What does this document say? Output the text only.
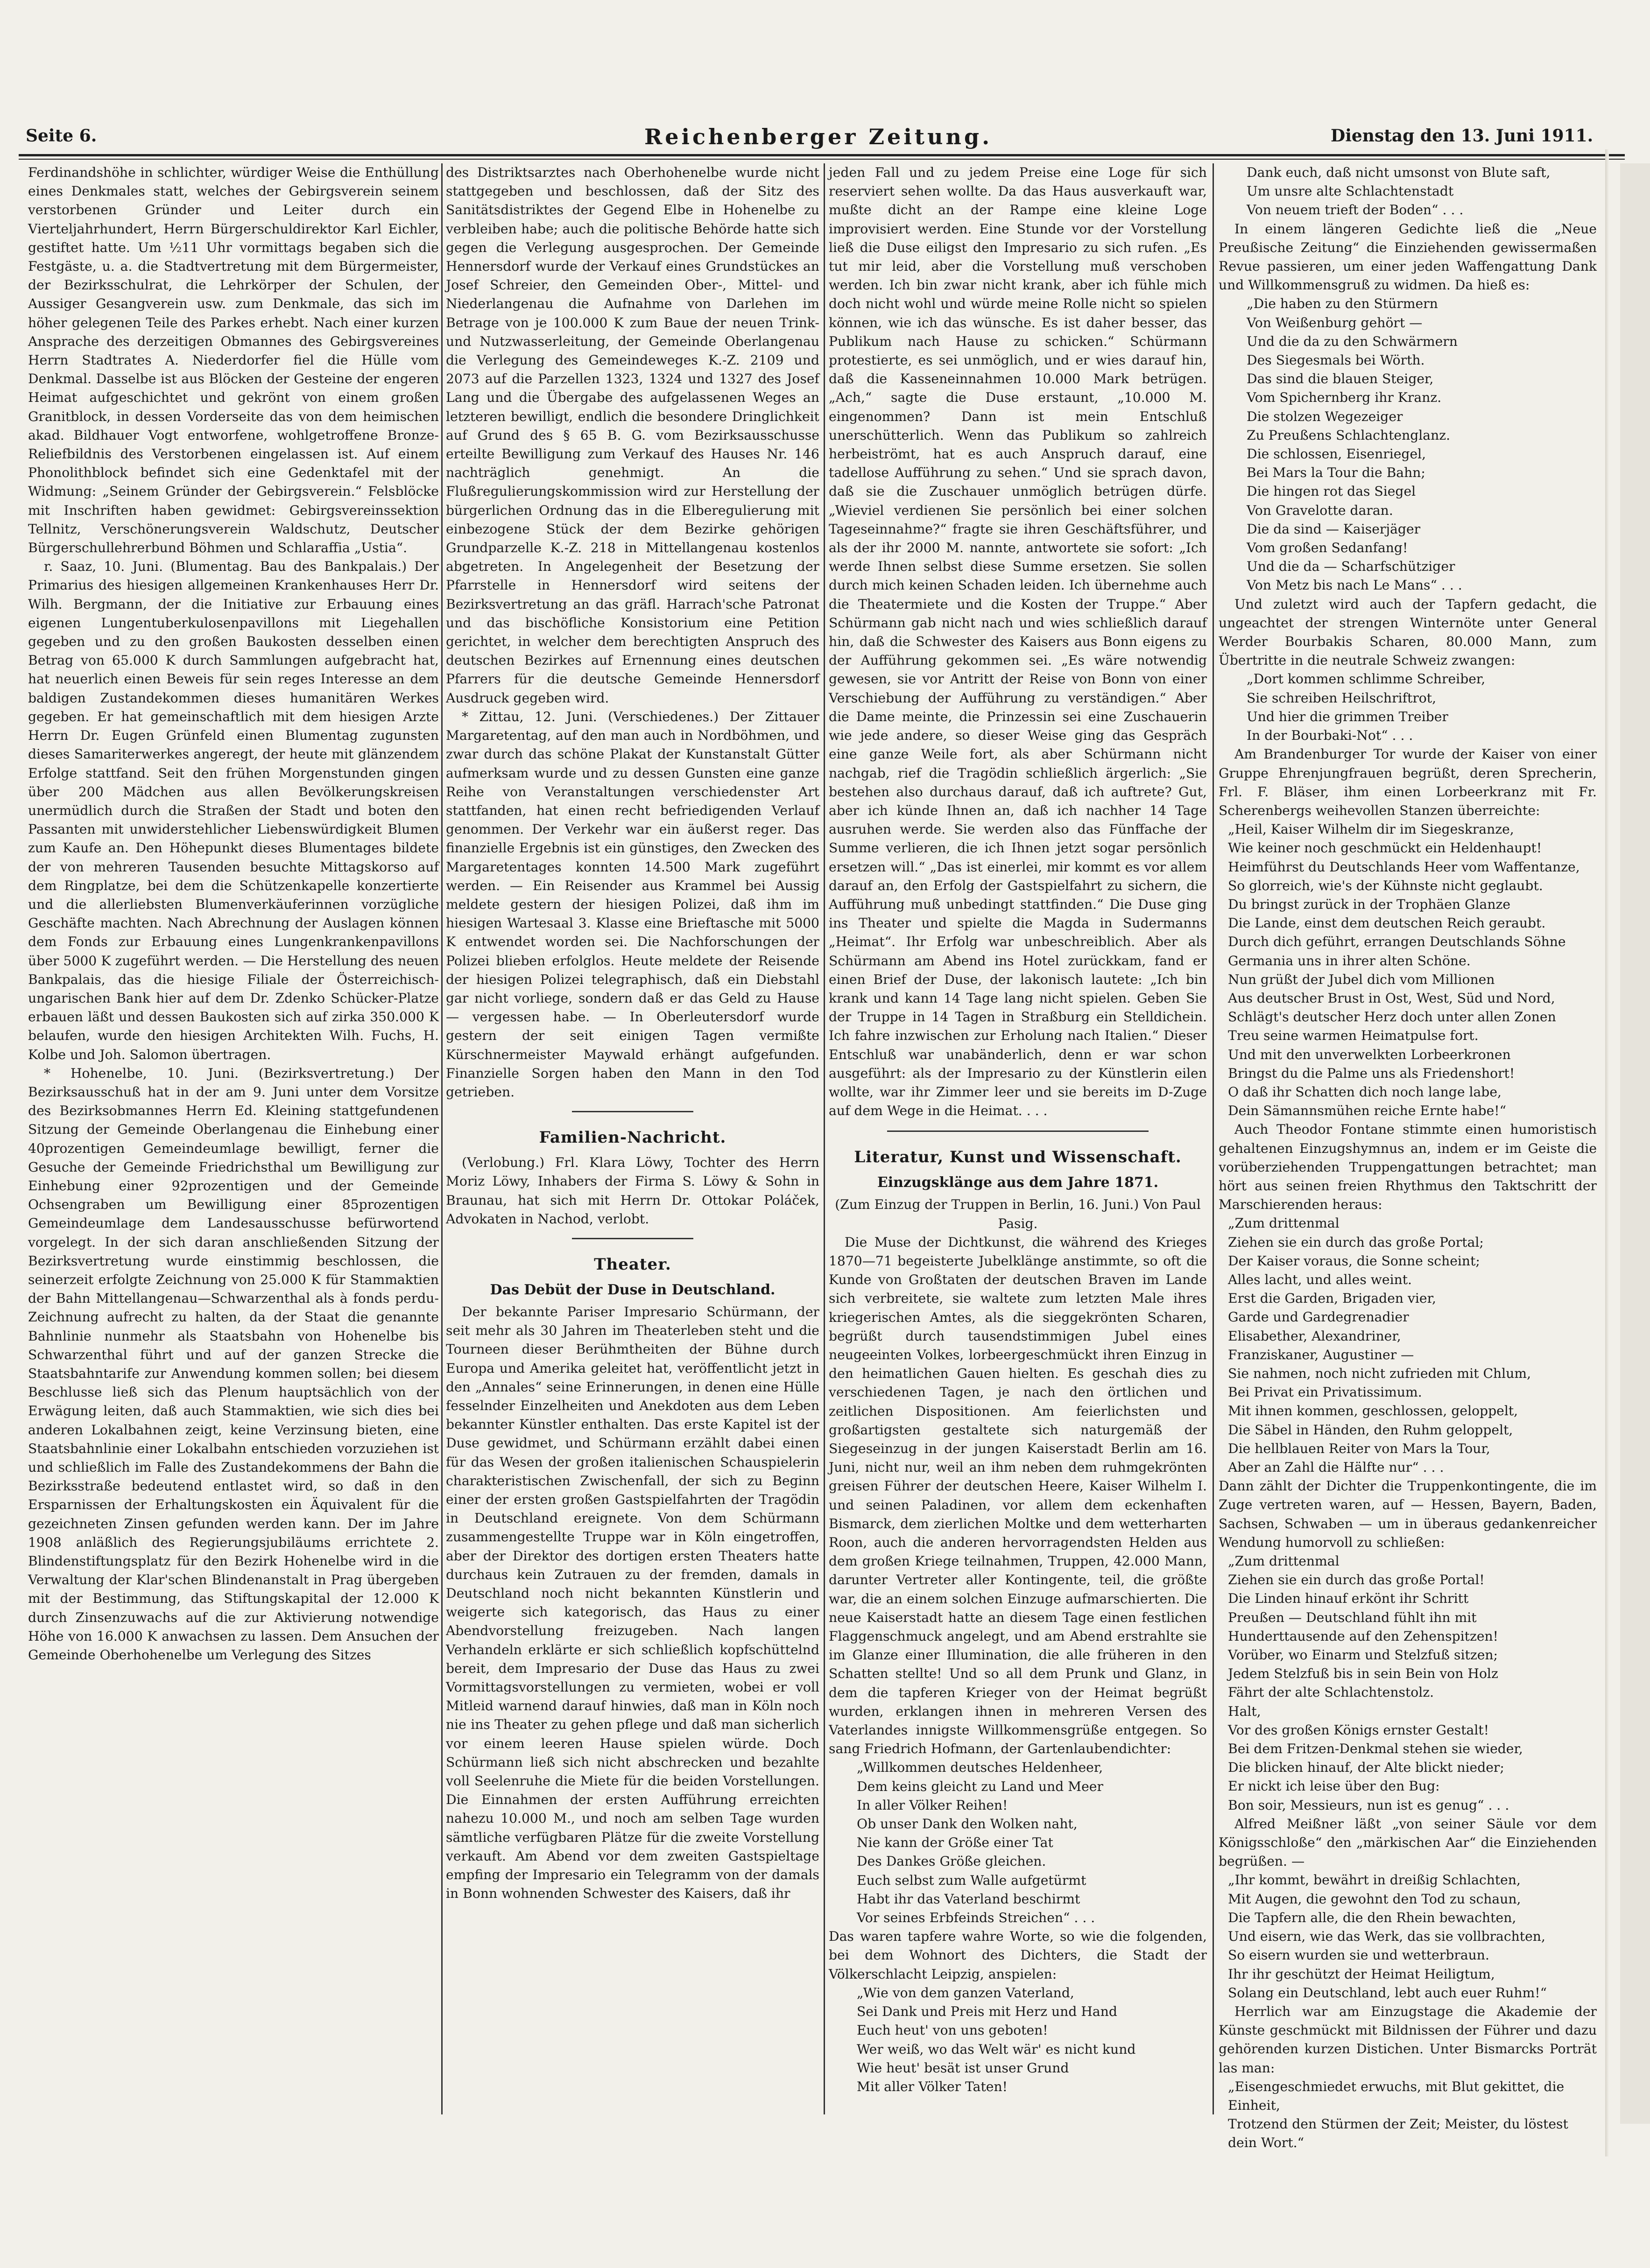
Seite 6.	Reichenberger Zeitung.	Dienstag den 13. Juni 1911.

Ferdinandshöhe in schlichter, würdiger Weise die Enthüllung eines Denkmales statt, welches der Gebirgsverein seinem verstorbenen Gründer und Leiter durch ein Vierteljahrhundert, Herrn Bürgerschuldirektor Karl Eichler, gestiftet hatte. Um ½11 Uhr vormittags begaben sich die Festgäste, u. a. die Stadtvertretung mit dem Bürgermeister, der Bezirksschulrat, die Lehrkörper der Schulen, der Aussiger Gesangverein usw. zum Denkmale, das sich im höher gelegenen Teile des Parkes erhebt. Nach einer kurzen Ansprache des derzeitigen Obmannes des Gebirgsvereines Herrn Stadtrates A. Niederdorfer fiel die Hülle vom Denkmal. Dasselbe ist aus Blöcken der Gesteine der engeren Heimat aufgeschichtet und gekrönt von einem großen Granitblock, in dessen Vorderseite das von dem heimischen akad. Bildhauer Vogt entworfene, wohlgetroffene Bronze-Reliefbildnis des Verstorbenen eingelassen ist. Auf einem Phonolithblock befindet sich eine Gedenktafel mit der Widmung: „Seinem Gründer der Gebirgsverein.“ Felsblöcke mit Inschriften haben gewidmet: Gebirgsvereinssektion Tellnitz, Verschönerungsverein Waldschutz, Deutscher Bürgerschullehrerbund Böhmen und Schlaraffia „Ustia“.

r. Saaz, 10. Juni. (Blumentag. Bau des Bankpalais.) Der Primarius des hiesigen allgemeinen Krankenhauses Herr Dr. Wilh. Bergmann, der die Initiative zur Erbauung eines eigenen Lungentuberkulosenpavillons mit Liegehallen gegeben und zu den großen Baukosten desselben einen Betrag von 65.000 K durch Sammlungen aufgebracht hat, hat neuerlich einen Beweis für sein reges Interesse an dem baldigen Zustandekommen dieses humanitären Werkes gegeben. Er hat gemeinschaftlich mit dem hiesigen Arzte Herrn Dr. Eugen Grünfeld einen Blumentag zugunsten dieses Samariterwerkes angeregt, der heute mit glänzendem Erfolge stattfand. Seit den frühen Morgenstunden gingen über 200 Mädchen aus allen Bevölkerungskreisen unermüdlich durch die Straßen der Stadt und boten den Passanten mit unwiderstehlicher Liebenswürdigkeit Blumen zum Kaufe an. Den Höhepunkt dieses Blumentages bildete der von mehreren Tausenden besuchte Mittagskorso auf dem Ringplatze, bei dem die Schützenkapelle konzertierte und die allerliebsten Blumenverkäuferinnen vorzügliche Geschäfte machten. Nach Abrechnung der Auslagen können dem Fonds zur Erbauung eines Lungenkrankenpavillons über 5000 K zugeführt werden. — Die Herstellung des neuen Bankpalais, das die hiesige Filiale der Österreichisch-ungarischen Bank hier auf dem Dr. Zdenko Schücker-Platze erbauen läßt und dessen Baukosten sich auf zirka 350.000 K belaufen, wurde den hiesigen Architekten Wilh. Fuchs, H. Kolbe und Joh. Salomon übertragen.

* Hohenelbe, 10. Juni. (Bezirksvertretung.) Der Bezirksausschuß hat in der am 9. Juni unter dem Vorsitze des Bezirksobmannes Herrn Ed. Kleining stattgefundenen Sitzung der Gemeinde Oberlangenau die Einhebung einer 40prozentigen Gemeindeumlage bewilligt, ferner die Gesuche der Gemeinde Friedrichsthal um Bewilligung zur Einhebung einer 92prozentigen und der Gemeinde Ochsengraben um Bewilligung einer 85prozentigen Gemeindeumlage dem Landesausschusse befürwortend vorgelegt. In der sich daran anschließenden Sitzung der Bezirksvertretung wurde einstimmig beschlossen, die seinerzeit erfolgte Zeichnung von 25.000 K für Stammaktien der Bahn Mittellangenau—Schwarzenthal als à fonds perdu-Zeichnung aufrecht zu halten, da der Staat die genannte Bahnlinie nunmehr als Staatsbahn von Hohenelbe bis Schwarzenthal führt und auf der ganzen Strecke die Staatsbahntarife zur Anwendung kommen sollen; bei diesem Beschlusse ließ sich das Plenum hauptsächlich von der Erwägung leiten, daß auch Stammaktien, wie sich dies bei anderen Lokalbahnen zeigt, keine Verzinsung bieten, eine Staatsbahnlinie einer Lokalbahn entschieden vorzuziehen ist und schließlich im Falle des Zustandekommens der Bahn die Bezirksstraße bedeutend entlastet wird, so daß in den Ersparnissen der Erhaltungskosten ein Äquivalent für die gezeichneten Zinsen gefunden werden kann. Der im Jahre 1908 anläßlich des Regierungsjubiläums errichtete 2. Blindenstiftungsplatz für den Bezirk Hohenelbe wird in die Verwaltung der Klar'schen Blindenanstalt in Prag übergeben mit der Bestimmung, das Stiftungskapital der 12.000 K durch Zinsenzuwachs auf die zur Aktivierung notwendige Höhe von 16.000 K anwachsen zu lassen. Dem Ansuchen der Gemeinde Oberhohenelbe um Verlegung des Sitzes

des Distriktsarztes nach Oberhohenelbe wurde nicht stattgegeben und beschlossen, daß der Sitz des Sanitätsdistriktes der Gegend Elbe in Hohenelbe zu verbleiben habe; auch die politische Behörde hatte sich gegen die Verlegung ausgesprochen. Der Gemeinde Hennersdorf wurde der Verkauf eines Grundstückes an Josef Schreier, den Gemeinden Ober-, Mittel- und Niederlangenau die Aufnahme von Darlehen im Betrage von je 100.000 K zum Baue der neuen Trink- und Nutzwasserleitung, der Gemeinde Oberlangenau die Verlegung des Gemeindeweges K.-Z. 2109 und 2073 auf die Parzellen 1323, 1324 und 1327 des Josef Lang und die Übergabe des aufgelassenen Weges an letzteren bewilligt, endlich die besondere Dringlichkeit auf Grund des § 65 B. G. vom Bezirksausschusse erteilte Bewilligung zum Verkauf des Hauses Nr. 146 nachträglich genehmigt. An die Flußregulierungskommission wird zur Herstellung der bürgerlichen Ordnung das in die Elberegulierung mit einbezogene Stück der dem Bezirke gehörigen Grundparzelle K.-Z. 218 in Mittellangenau kostenlos abgetreten. In Angelegenheit der Besetzung der Pfarrstelle in Hennersdorf wird seitens der Bezirksvertretung an das gräfl. Harrach'sche Patronat und das bischöfliche Konsistorium eine Petition gerichtet, in welcher dem berechtigten Anspruch des deutschen Bezirkes auf Ernennung eines deutschen Pfarrers für die deutsche Gemeinde Hennersdorf Ausdruck gegeben wird.

* Zittau, 12. Juni. (Verschiedenes.) Der Zittauer Margaretentag, auf den man auch in Nordböhmen, und zwar durch das schöne Plakat der Kunstanstalt Gütter aufmerksam wurde und zu dessen Gunsten eine ganze Reihe von Veranstaltungen verschiedenster Art stattfanden, hat einen recht befriedigenden Verlauf genommen. Der Verkehr war ein äußerst reger. Das finanzielle Ergebnis ist ein günstiges, den Zwecken des Margaretentages konnten 14.500 Mark zugeführt werden. — Ein Reisender aus Krammel bei Aussig meldete gestern der hiesigen Polizei, daß ihm im hiesigen Wartesaal 3. Klasse eine Brieftasche mit 5000 K entwendet worden sei. Die Nachforschungen der Polizei blieben erfolglos. Heute meldete der Reisende der hiesigen Polizei telegraphisch, daß ein Diebstahl gar nicht vorliege, sondern daß er das Geld zu Hause — vergessen habe. — In Oberleutersdorf wurde gestern der seit einigen Tagen vermißte Kürschnermeister Maywald erhängt aufgefunden. Finanzielle Sorgen haben den Mann in den Tod getrieben.

Familien-Nachricht.

(Verlobung.) Frl. Klara Löwy, Tochter des Herrn Moriz Löwy, Inhabers der Firma S. Löwy & Sohn in Braunau, hat sich mit Herrn Dr. Ottokar Poláček, Advokaten in Nachod, verlobt.

Theater.
Das Debüt der Duse in Deutschland.

Der bekannte Pariser Impresario Schürmann, der seit mehr als 30 Jahren im Theaterleben steht und die Tourneen dieser Berühmtheiten der Bühne durch Europa und Amerika geleitet hat, veröffentlicht jetzt in den „Annales“ seine Erinnerungen, in denen eine Hülle fesselnder Einzelheiten und Anekdoten aus dem Leben bekannter Künstler enthalten. Das erste Kapitel ist der Duse gewidmet, und Schürmann erzählt dabei einen für das Wesen der großen italienischen Schauspielerin charakteristischen Zwischenfall, der sich zu Beginn einer der ersten großen Gastspielfahrten der Tragödin in Deutschland ereignete. Von dem Schürmann zusammengestellte Truppe war in Köln eingetroffen, aber der Direktor des dortigen ersten Theaters hatte durchaus kein Zutrauen zu der fremden, damals in Deutschland noch nicht bekannten Künstlerin und weigerte sich kategorisch, das Haus zu einer Abendvorstellung freizugeben. Nach langen Verhandeln erklärte er sich schließlich kopfschüttelnd bereit, dem Impresario der Duse das Haus zu zwei Vormittagsvorstellungen zu vermieten, wobei er voll Mitleid warnend darauf hinwies, daß man in Köln noch nie ins Theater zu gehen pflege und daß man sicherlich vor einem leeren Hause spielen würde. Doch Schürmann ließ sich nicht abschrecken und bezahlte voll Seelenruhe die Miete für die beiden Vorstellungen. Die Einnahmen der ersten Aufführung erreichten nahezu 10.000 M., und noch am selben Tage wurden sämtliche verfügbaren Plätze für die zweite Vorstellung verkauft. Am Abend vor dem zweiten Gastspieltage empfing der Impresario ein Telegramm von der damals in Bonn wohnenden Schwester des Kaisers, daß ihr

jeden Fall und zu jedem Preise eine Loge für sich reserviert sehen wollte. Da das Haus ausverkauft war, mußte dicht an der Rampe eine kleine Loge improvisiert werden. Eine Stunde vor der Vorstellung ließ die Duse eiligst den Impresario zu sich rufen. „Es tut mir leid, aber die Vorstellung muß verschoben werden. Ich bin zwar nicht krank, aber ich fühle mich doch nicht wohl und würde meine Rolle nicht so spielen können, wie ich das wünsche. Es ist daher besser, das Publikum nach Hause zu schicken.“ Schürmann protestierte, es sei unmöglich, und er wies darauf hin, daß die Kasseneinnahmen 10.000 Mark betrügen. „Ach,“ sagte die Duse erstaunt, „10.000 M. eingenommen? Dann ist mein Entschluß unerschütterlich. Wenn das Publikum so zahlreich herbeiströmt, hat es auch Anspruch darauf, eine tadellose Aufführung zu sehen.“ Und sie sprach davon, daß sie die Zuschauer unmöglich betrügen dürfe. „Wieviel verdienen Sie persönlich bei einer solchen Tageseinnahme?“ fragte sie ihren Geschäftsführer, und als der ihr 2000 M. nannte, antwortete sie sofort: „Ich werde Ihnen selbst diese Summe ersetzen. Sie sollen durch mich keinen Schaden leiden. Ich übernehme auch die Theatermiete und die Kosten der Truppe.“ Aber Schürmann gab nicht nach und wies schließlich darauf hin, daß die Schwester des Kaisers aus Bonn eigens zu der Aufführung gekommen sei. „Es wäre notwendig gewesen, sie vor Antritt der Reise von Bonn von einer Verschiebung der Aufführung zu verständigen.“ Aber die Dame meinte, die Prinzessin sei eine Zuschauerin wie jede andere, so dieser Weise ging das Gespräch eine ganze Weile fort, als aber Schürmann nicht nachgab, rief die Tragödin schließlich ärgerlich: „Sie bestehen also durchaus darauf, daß ich auftrete? Gut, aber ich künde Ihnen an, daß ich nachher 14 Tage ausruhen werde. Sie werden also das Fünffache der Summe verlieren, die ich Ihnen jetzt sogar persönlich ersetzen will.“ „Das ist einerlei, mir kommt es vor allem darauf an, den Erfolg der Gastspielfahrt zu sichern, die Aufführung muß unbedingt stattfinden.“ Die Duse ging ins Theater und spielte die Magda in Sudermanns „Heimat“. Ihr Erfolg war unbeschreiblich. Aber als Schürmann am Abend ins Hotel zurückkam, fand er einen Brief der Duse, der lakonisch lautete: „Ich bin krank und kann 14 Tage lang nicht spielen. Geben Sie der Truppe in 14 Tagen in Straßburg ein Stelldichein. Ich fahre inzwischen zur Erholung nach Italien.“ Dieser Entschluß war unabänderlich, denn er war schon ausgeführt: als der Impresario zu der Künstlerin eilen wollte, war ihr Zimmer leer und sie bereits im D-Zuge auf dem Wege in die Heimat. . . .

Literatur, Kunst und Wissenschaft.
Einzugsklänge aus dem Jahre 1871.

(Zum Einzug der Truppen in Berlin, 16. Juni.) Von Paul Pasig.

Die Muse der Dichtkunst, die während des Krieges 1870—71 begeisterte Jubelklänge anstimmte, so oft die Kunde von Großtaten der deutschen Braven im Lande sich verbreitete, sie waltete zum letzten Male ihres kriegerischen Amtes, als die sieggekrönten Scharen, begrüßt durch tausendstimmigen Jubel eines neugeeinten Volkes, lorbeergeschmückt ihren Einzug in den heimatlichen Gauen hielten. Es geschah dies zu verschiedenen Tagen, je nach den örtlichen und zeitlichen Dispositionen. Am feierlichsten und großartigsten gestaltete sich naturgemäß der Siegeseinzug in der jungen Kaiserstadt Berlin am 16. Juni, nicht nur, weil an ihm neben dem ruhmgekrönten greisen Führer der deutschen Heere, Kaiser Wilhelm I. und seinen Paladinen, vor allem dem eckenhaften Bismarck, dem zierlichen Moltke und dem wetterharten Roon, auch die anderen hervorragendsten Helden aus dem großen Kriege teilnahmen, Truppen, 42.000 Mann, darunter Vertreter aller Kontingente, teil, die größte war, die an einem solchen Einzuge aufmarschierten. Die neue Kaiserstadt hatte an diesem Tage einen festlichen Flaggenschmuck angelegt, und am Abend erstrahlte sie im Glanze einer Illumination, die alle früheren in den Schatten stellte! Und so all dem Prunk und Glanz, in dem die tapferen Krieger von der Heimat begrüßt wurden, erklangen ihnen in mehreren Versen des Vaterlandes innigste Willkommensgrüße entgegen. So sang Friedrich Hofmann, der Gartenlaubendichter:

„Willkommen deutsches Heldenheer,
Dem keins gleicht zu Land und Meer
In aller Völker Reihen!
Ob unser Dank den Wolken naht,
Nie kann der Größe einer Tat
Des Dankes Größe gleichen.
Euch selbst zum Walle aufgetürmt
Habt ihr das Vaterland beschirmt
Vor seines Erbfeinds Streichen“ . . .

Das waren tapfere wahre Worte, so wie die folgenden, bei dem Wohnort des Dichters, die Stadt der Völkerschlacht Leipzig, anspielen:

„Wie von dem ganzen Vaterland,
Sei Dank und Preis mit Herz und Hand
Euch heut' von uns geboten!
Wer weiß, wo das Welt wär' es nicht kund
Wie heut' besät ist unser Grund
Mit aller Völker Taten!
Dank euch, daß nicht umsonst von Blute saft,
Um unsre alte Schlachtenstadt
Von neuem trieft der Boden“ . . .

In einem längeren Gedichte ließ die „Neue Preußische Zeitung“ die Einziehenden gewissermaßen Revue passieren, um einer jeden Waffengattung Dank und Willkommensgruß zu widmen. Da hieß es:

„Die haben zu den Stürmern
Von Weißenburg gehört —
Und die da zu den Schwärmern
Des Siegesmals bei Wörth.
Das sind die blauen Steiger,
Vom Spichernberg ihr Kranz.
Die stolzen Wegezeiger
Zu Preußens Schlachtenglanz.
Die schlossen, Eisenriegel,
Bei Mars la Tour die Bahn;
Die hingen rot das Siegel
Von Gravelotte daran.
Die da sind — Kaiserjäger
Vom großen Sedanfang!
Und die da — Scharfschütziger
Von Metz bis nach Le Mans“ . . .

Und zuletzt wird auch der Tapfern gedacht, die ungeachtet der strengen Winternöte unter General Werder Bourbakis Scharen, 80.000 Mann, zum Übertritte in die neutrale Schweiz zwangen:

„Dort kommen schlimme Schreiber,
Sie schreiben Heilschriftrot,
Und hier die grimmen Treiber
In der Bourbaki-Not“ . . .

Am Brandenburger Tor wurde der Kaiser von einer Gruppe Ehrenjungfrauen begrüßt, deren Sprecherin, Frl. F. Bläser, ihm einen Lorbeerkranz mit Fr. Scherenbergs weihevollen Stanzen überreichte:

„Heil, Kaiser Wilhelm dir im Siegeskranze,
Wie keiner noch geschmückt ein Heldenhaupt!
Heimführst du Deutschlands Heer vom Waffentanze,
So glorreich, wie's der Kühnste nicht geglaubt.
Du bringst zurück in der Trophäen Glanze
Die Lande, einst dem deutschen Reich geraubt.
Durch dich geführt, errangen Deutschlands Söhne
Germania uns in ihrer alten Schöne.
Nun grüßt der Jubel dich vom Millionen
Aus deutscher Brust in Ost, West, Süd und Nord,
Schlägt's deutscher Herz doch unter allen Zonen
Treu seine warmen Heimatpulse fort.
Und mit den unverwelkten Lorbeerkronen
Bringst du die Palme uns als Friedenshort!
O daß ihr Schatten dich noch lange labe,
Dein Sämannsmühen reiche Ernte habe!“

Auch Theodor Fontane stimmte einen humoristisch gehaltenen Einzugshymnus an, indem er im Geiste die vorüberziehenden Truppengattungen betrachtet; man hört aus seinen freien Rhythmus den Taktschritt der Marschierenden heraus:

„Zum drittenmal
Ziehen sie ein durch das große Portal;
Der Kaiser voraus, die Sonne scheint;
Alles lacht, und alles weint.
Erst die Garden, Brigaden vier,
Garde und Gardegrenadier
Elisabether, Alexandriner,
Franziskaner, Augustiner —
Sie nahmen, noch nicht zufrieden mit Chlum,
Bei Privat ein Privatissimum.
Mit ihnen kommen, geschlossen, geloppelt,
Die Säbel in Händen, den Ruhm geloppelt,
Die hellblauen Reiter von Mars la Tour,
Aber an Zahl die Hälfte nur“ . . .

Dann zählt der Dichter die Truppenkontingente, die im Zuge vertreten waren, auf — Hessen, Bayern, Baden, Sachsen, Schwaben — um in überaus gedankenreicher Wendung humorvoll zu schließen:

„Zum drittenmal
Ziehen sie ein durch das große Portal!
Die Linden hinauf erkönt ihr Schritt
Preußen — Deutschland fühlt ihn mit
Hunderttausende auf den Zehenspitzen!
Vorüber, wo Einarm und Stelzfuß sitzen;
Jedem Stelzfuß bis in sein Bein von Holz
Fährt der alte Schlachtenstolz.
Halt,
Vor des großen Königs ernster Gestalt!
Bei dem Fritzen-Denkmal stehen sie wieder,
Die blicken hinauf, der Alte blickt nieder;
Er nickt ich leise über den Bug:
Bon soir, Messieurs, nun ist es genug“ . . .

Alfred Meißner läßt „von seiner Säule vor dem Königsschloße“ den „märkischen Aar“ die Einziehenden begrüßen. —

„Ihr kommt, bewährt in dreißig Schlachten,
Mit Augen, die gewohnt den Tod zu schaun,
Die Tapfern alle, die den Rhein bewachten,
Und eisern, wie das Werk, das sie vollbrachten,
So eisern wurden sie und wetterbraun.
Ihr ihr geschützt der Heimat Heiligtum,
Solang ein Deutschland, lebt auch euer Ruhm!“

Herrlich war am Einzugstage die Akademie der Künste geschmückt mit Bildnissen der Führer und dazu gehörenden kurzen Distichen. Unter Bismarcks Porträt las man:

„Eisengeschmiedet erwuchs, mit Blut gekittet, die Einheit,
Trotzend den Stürmen der Zeit; Meister, du löstest dein Wort.“
